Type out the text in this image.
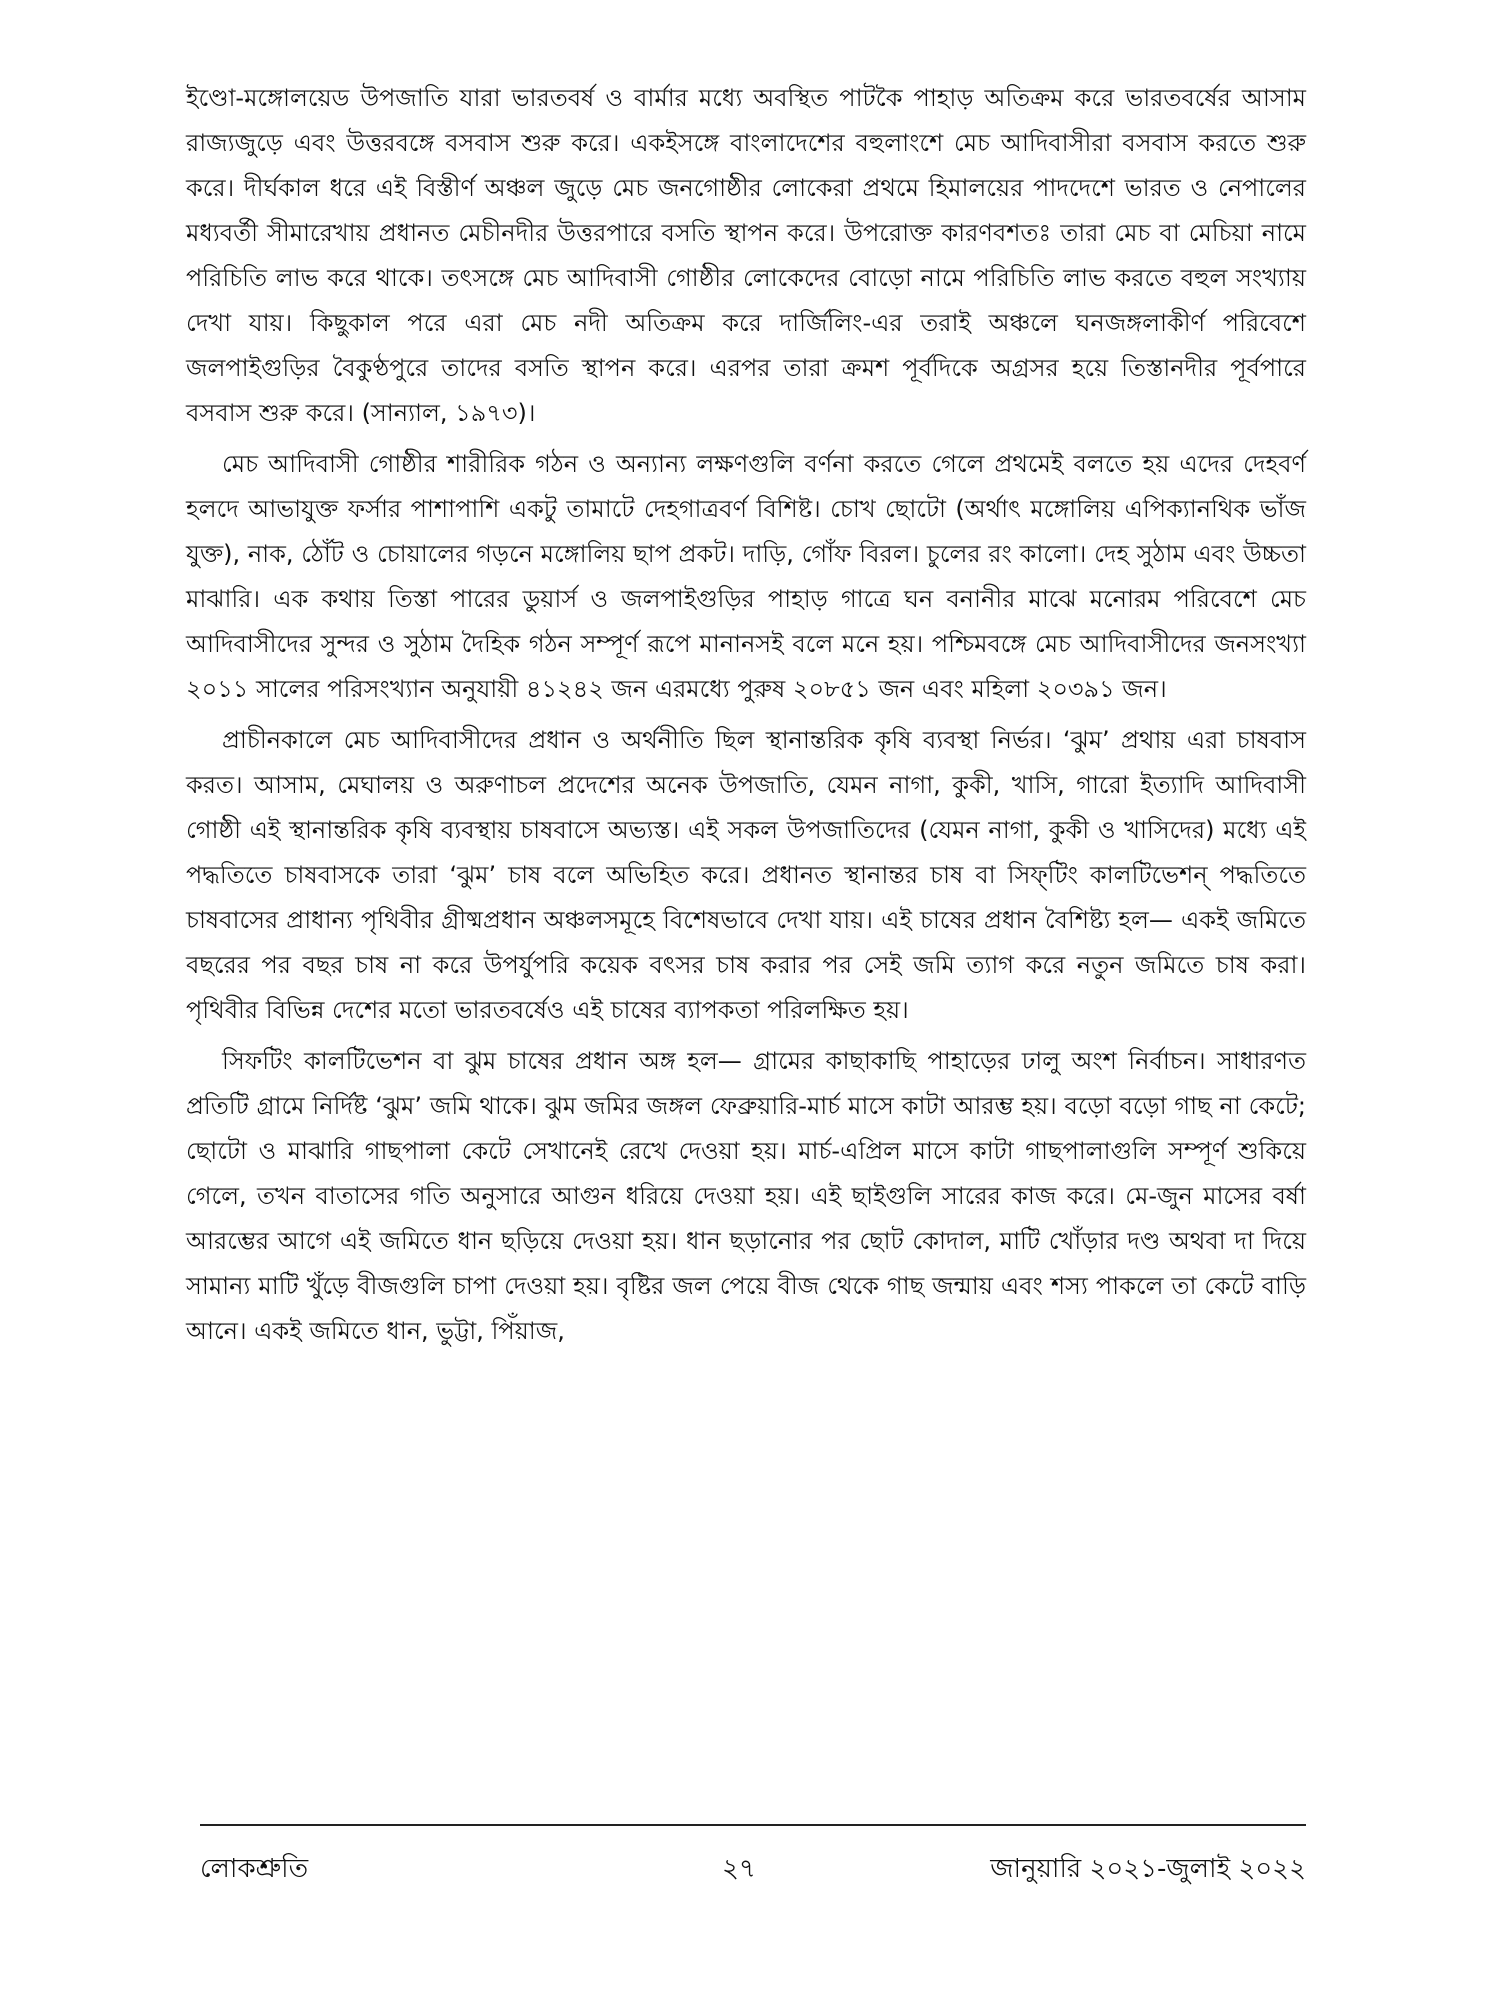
ইণ্ডো-মঙ্গোলয়েড উপজাতি যারা ভারতবর্ষ ও বার্মার মধ্যে অবস্থিত পাটকৈ পাহাড় অতিক্রম করে ভারতবর্ষের আসাম রাজ্যজুড়ে এবং উত্তরবঙ্গে বসবাস শুরু করে। একইসঙ্গে বাংলাদেশের বহুলাংশে মেচ আদিবাসীরা বসবাস করতে শুরু করে। দীর্ঘকাল ধরে এই বিস্তীর্ণ অঞ্চল জুড়ে মেচ জনগোষ্ঠীর লোকেরা প্রথমে হিমালয়ের পাদদেশে ভারত ও নেপালের মধ্যবর্তী সীমারেখায় প্রধানত মেচীনদীর উত্তরপারে বসতি স্থাপন করে। উপরোক্ত কারণবশতঃ তারা মেচ বা মেচিয়া নামে পরিচিতি লাভ করে থাকে। তৎসঙ্গে মেচ আদিবাসী গোষ্ঠীর লোকেদের বোড়ো নামে পরিচিতি লাভ করতে বহুল সংখ্যায় দেখা যায়। কিছুকাল পরে এরা মেচ নদী অতিক্রম করে দার্জিলিং-এর তরাই অঞ্চলে ঘনজঙ্গলাকীর্ণ পরিবেশে জলপাইগুড়ির বৈকুণ্ঠপুরে তাদের বসতি স্থাপন করে। এরপর তারা ক্রমশ পূর্বদিকে অগ্রসর হয়ে তিস্তানদীর পূর্বপারে বসবাস শুরু করে। (সান্যাল, ১৯৭৩)।

মেচ আদিবাসী গোষ্ঠীর শারীরিক গঠন ও অন্যান্য লক্ষণগুলি বর্ণনা করতে গেলে প্রথমেই বলতে হয় এদের দেহবর্ণ হলদে আভাযুক্ত ফর্সার পাশাপাশি একটু তামাটে দেহগাত্রবর্ণ বিশিষ্ট। চোখ ছোটো (অর্থাৎ মঙ্গোলিয় এপিক্যানথিক ভাঁজ যুক্ত), নাক, ঠোঁট ও চোয়ালের গড়নে মঙ্গোলিয় ছাপ প্রকট। দাড়ি, গোঁফ বিরল। চুলের রং কালো। দেহ সুঠাম এবং উচ্চতা মাঝারি। এক কথায় তিস্তা পারের ডুয়ার্স ও জলপাইগুড়ির পাহাড় গাত্রে ঘন বনানীর মাঝে মনোরম পরিবেশে মেচ আদিবাসীদের সুন্দর ও সুঠাম দৈহিক গঠন সম্পূর্ণ রূপে মানানসই বলে মনে হয়। পশ্চিমবঙ্গে মেচ আদিবাসীদের জনসংখ্যা ২০১১ সালের পরিসংখ্যান অনুযায়ী ৪১২৪২ জন এরমধ্যে পুরুষ ২০৮৫১ জন এবং মহিলা ২০৩৯১ জন।

প্রাচীনকালে মেচ আদিবাসীদের প্রধান ও অর্থনীতি ছিল স্থানান্তরিক কৃষি ব্যবস্থা নির্ভর। ‘ঝুম’ প্রথায় এরা চাষবাস করত। আসাম, মেঘালয় ও অরুণাচল প্রদেশের অনেক উপজাতি, যেমন নাগা, কুকী, খাসি, গারো ইত্যাদি আদিবাসী গোষ্ঠী এই স্থানান্তরিক কৃষি ব্যবস্থায় চাষবাসে অভ্যস্ত। এই সকল উপজাতিদের (যেমন নাগা, কুকী ও খাসিদের) মধ্যে এই পদ্ধতিতে চাষবাসকে তারা ‘ঝুম’ চাষ বলে অভিহিত করে। প্রধানত স্থানান্তর চাষ বা সিফ্‌টিং কালটিভেশন্‌ পদ্ধতিতে চাষবাসের প্রাধান্য পৃথিবীর গ্রীষ্মপ্রধান অঞ্চলসমূহে বিশেষভাবে দেখা যায়। এই চাষের প্রধান বৈশিষ্ট্য হল— একই জমিতে বছরের পর বছর চাষ না করে উপর্যুপরি কয়েক বৎসর চাষ করার পর সেই জমি ত্যাগ করে নতুন জমিতে চাষ করা। পৃথিবীর বিভিন্ন দেশের মতো ভারতবর্ষেও এই চাষের ব্যাপকতা পরিলক্ষিত হয়।

সিফটিং কালটিভেশন বা ঝুম চাষের প্রধান অঙ্গ হল— গ্রামের কাছাকাছি পাহাড়ের ঢালু অংশ নির্বাচন। সাধারণত প্রতিটি গ্রামে নির্দিষ্ট ‘ঝুম’ জমি থাকে। ঝুম জমির জঙ্গল ফেব্রুয়ারি-মার্চ মাসে কাটা আরম্ভ হয়। বড়ো বড়ো গাছ না কেটে; ছোটো ও মাঝারি গাছপালা কেটে সেখানেই রেখে দেওয়া হয়। মার্চ-এপ্রিল মাসে কাটা গাছপালাগুলি সম্পূর্ণ শুকিয়ে গেলে, তখন বাতাসের গতি অনুসারে আগুন ধরিয়ে দেওয়া হয়। এই ছাইগুলি সারের কাজ করে। মে-জুন মাসের বর্ষা আরম্ভের আগে এই জমিতে ধান ছড়িয়ে দেওয়া হয়। ধান ছড়ানোর পর ছোট কোদাল, মাটি খোঁড়ার দণ্ড অথবা দা দিয়ে সামান্য মাটি খুঁড়ে বীজগুলি চাপা দেওয়া হয়। বৃষ্টির জল পেয়ে বীজ থেকে গাছ জন্মায় এবং শস্য পাকলে তা কেটে বাড়ি আনে। একই জমিতে ধান, ভুট্টা, পিঁয়াজ,

লোকশ্রুতি	২৭	জানুয়ারি ২০২১-জুলাই ২০২২
